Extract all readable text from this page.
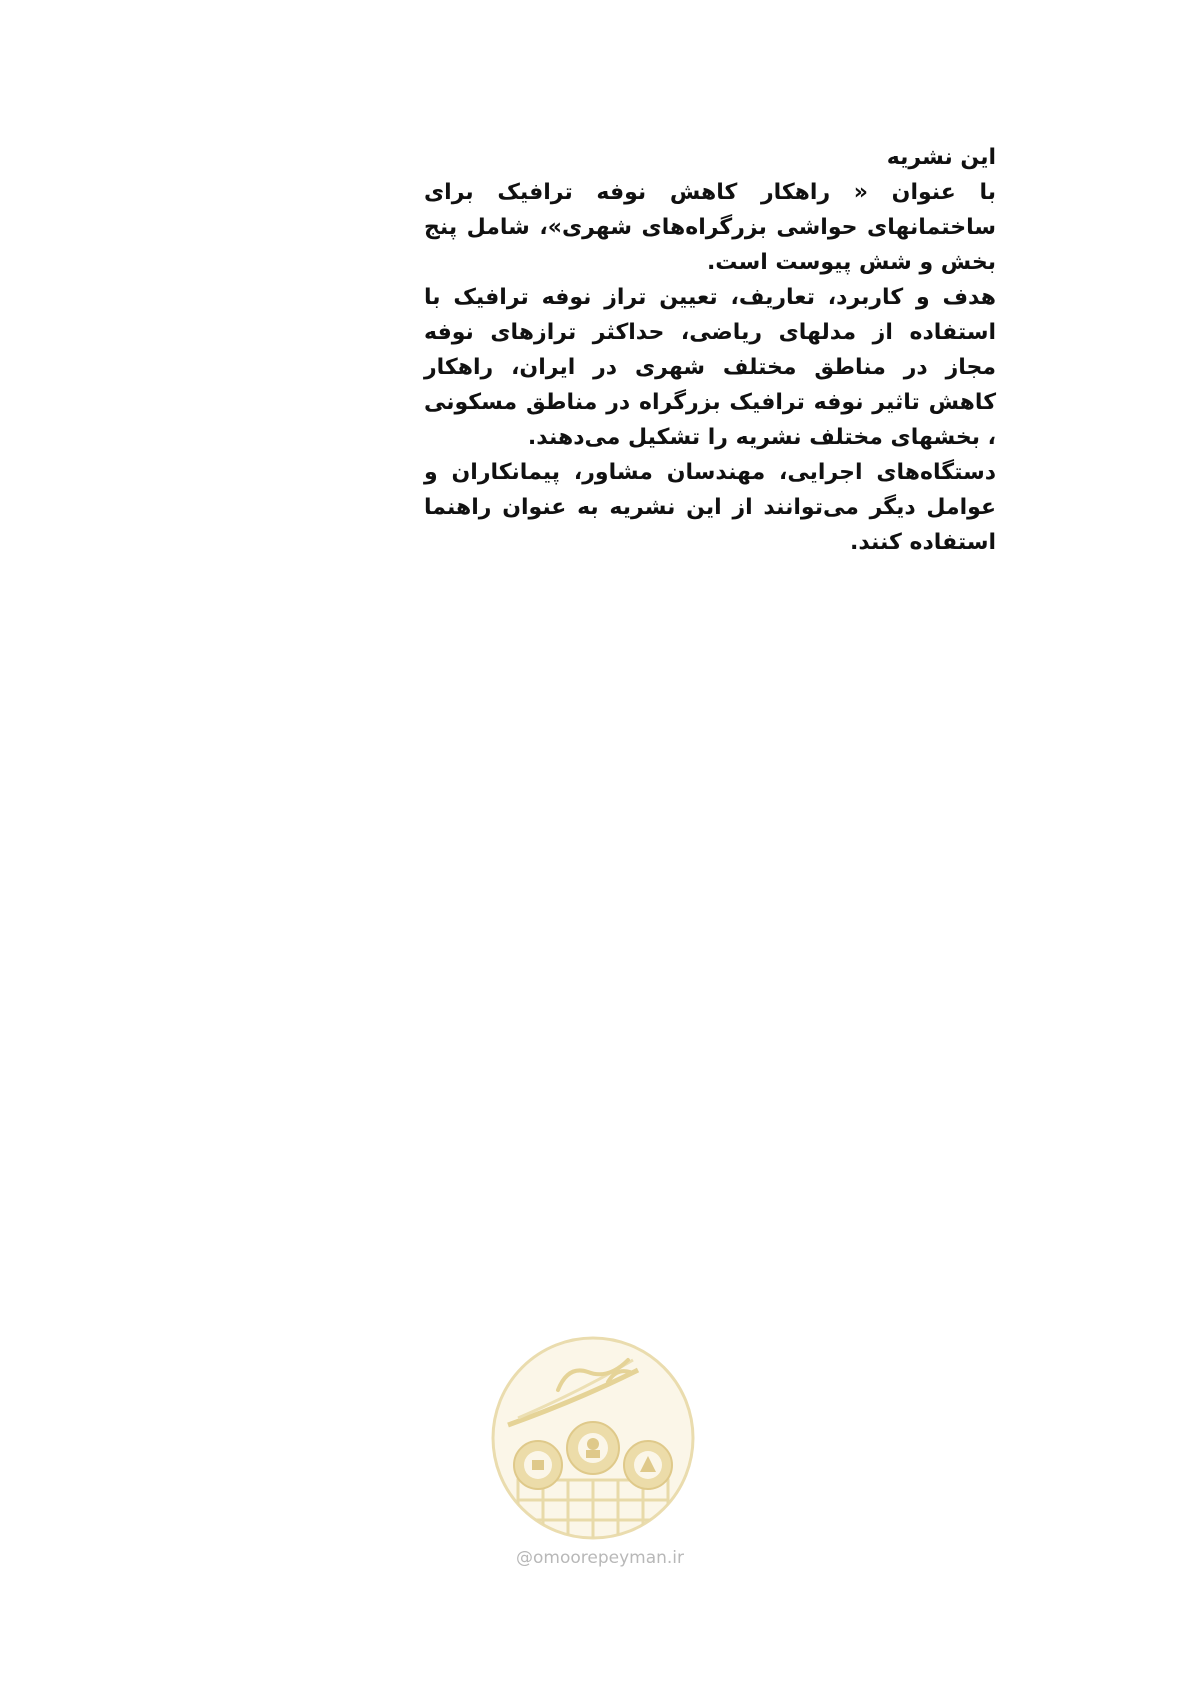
این نشریه

با عنوان « راهکار کاهش نوفه ترافیک برای ساختمانهای حواشی بزرگراه‌های شهری»، شامل پنج بخش و شش پیوست است.

هدف و کاربرد، تعاریف، تعیین تراز نوفه ترافیک با استفاده از مدلهای ریاضی، حداکثر ترازهای نوفه مجاز در مناطق مختلف شهری در ایران، راهکار کاهش تاثیر نوفه ترافیک بزرگراه در مناطق مسکونی ، بخشهای مختلف نشریه را تشکیل می‌دهند.

دستگاه‌های اجرایی، مهندسان مشاور، پیمانکاران و عوامل دیگر می‌توانند از این نشریه به عنوان راهنما استفاده کنند.

@omoorepeyman.ir
